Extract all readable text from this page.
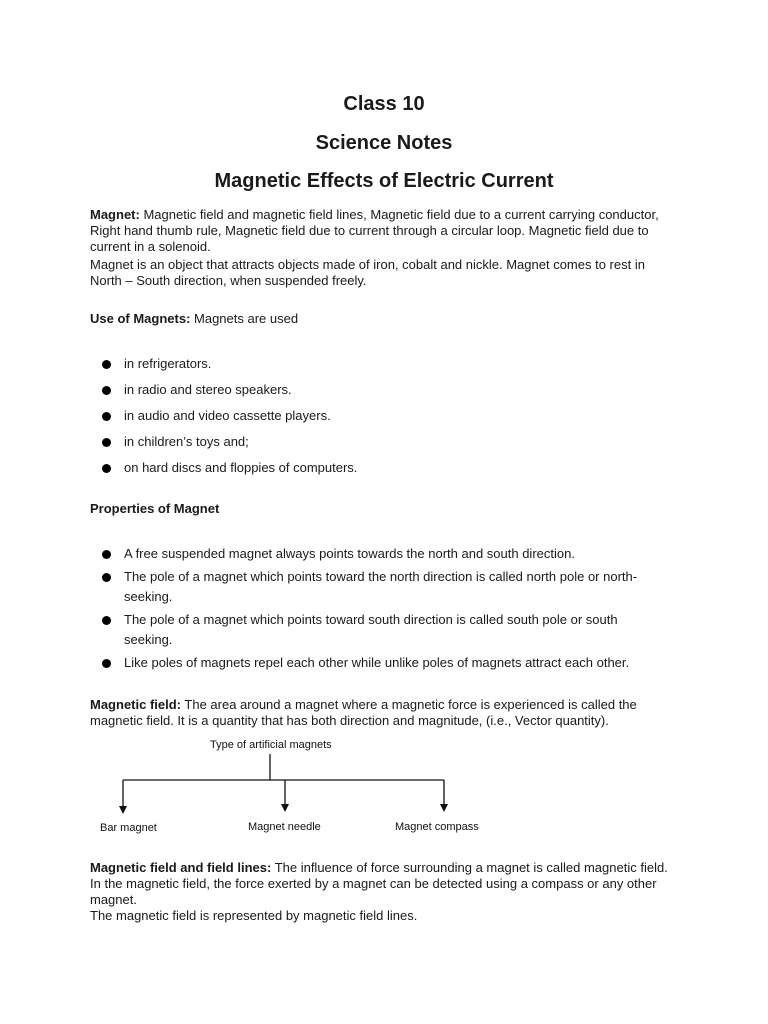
Class 10
Science Notes
Magnetic Effects of Electric Current
Magnet: Magnetic field and magnetic field lines, Magnetic field due to a current carrying conductor, Right hand thumb rule, Magnetic field due to current through a circular loop. Magnetic field due to current in a solenoid.
Magnet is an object that attracts objects made of iron, cobalt and nickle. Magnet comes to rest in North – South direction, when suspended freely.
Use of Magnets: Magnets are used
in refrigerators.
in radio and stereo speakers.
in audio and video cassette players.
in children’s toys and;
on hard discs and floppies of computers.
Properties of Magnet
A free suspended magnet always points towards the north and south direction.
The pole of a magnet which points toward the north direction is called north pole or north-seeking.
The pole of a magnet which points toward south direction is called south pole or south seeking.
Like poles of magnets repel each other while unlike poles of magnets attract each other.
Magnetic field: The area around a magnet where a magnetic force is experienced is called the magnetic field. It is a quantity that has both direction and magnitude, (i.e., Vector quantity).
Type of artificial magnets
Bar magnet	Magnet needle	Magnet compass
Magnetic field and field lines: The influence of force surrounding a magnet is called magnetic field. In the magnetic field, the force exerted by a magnet can be detected using a compass or any other magnet.
The magnetic field is represented by magnetic field lines.
